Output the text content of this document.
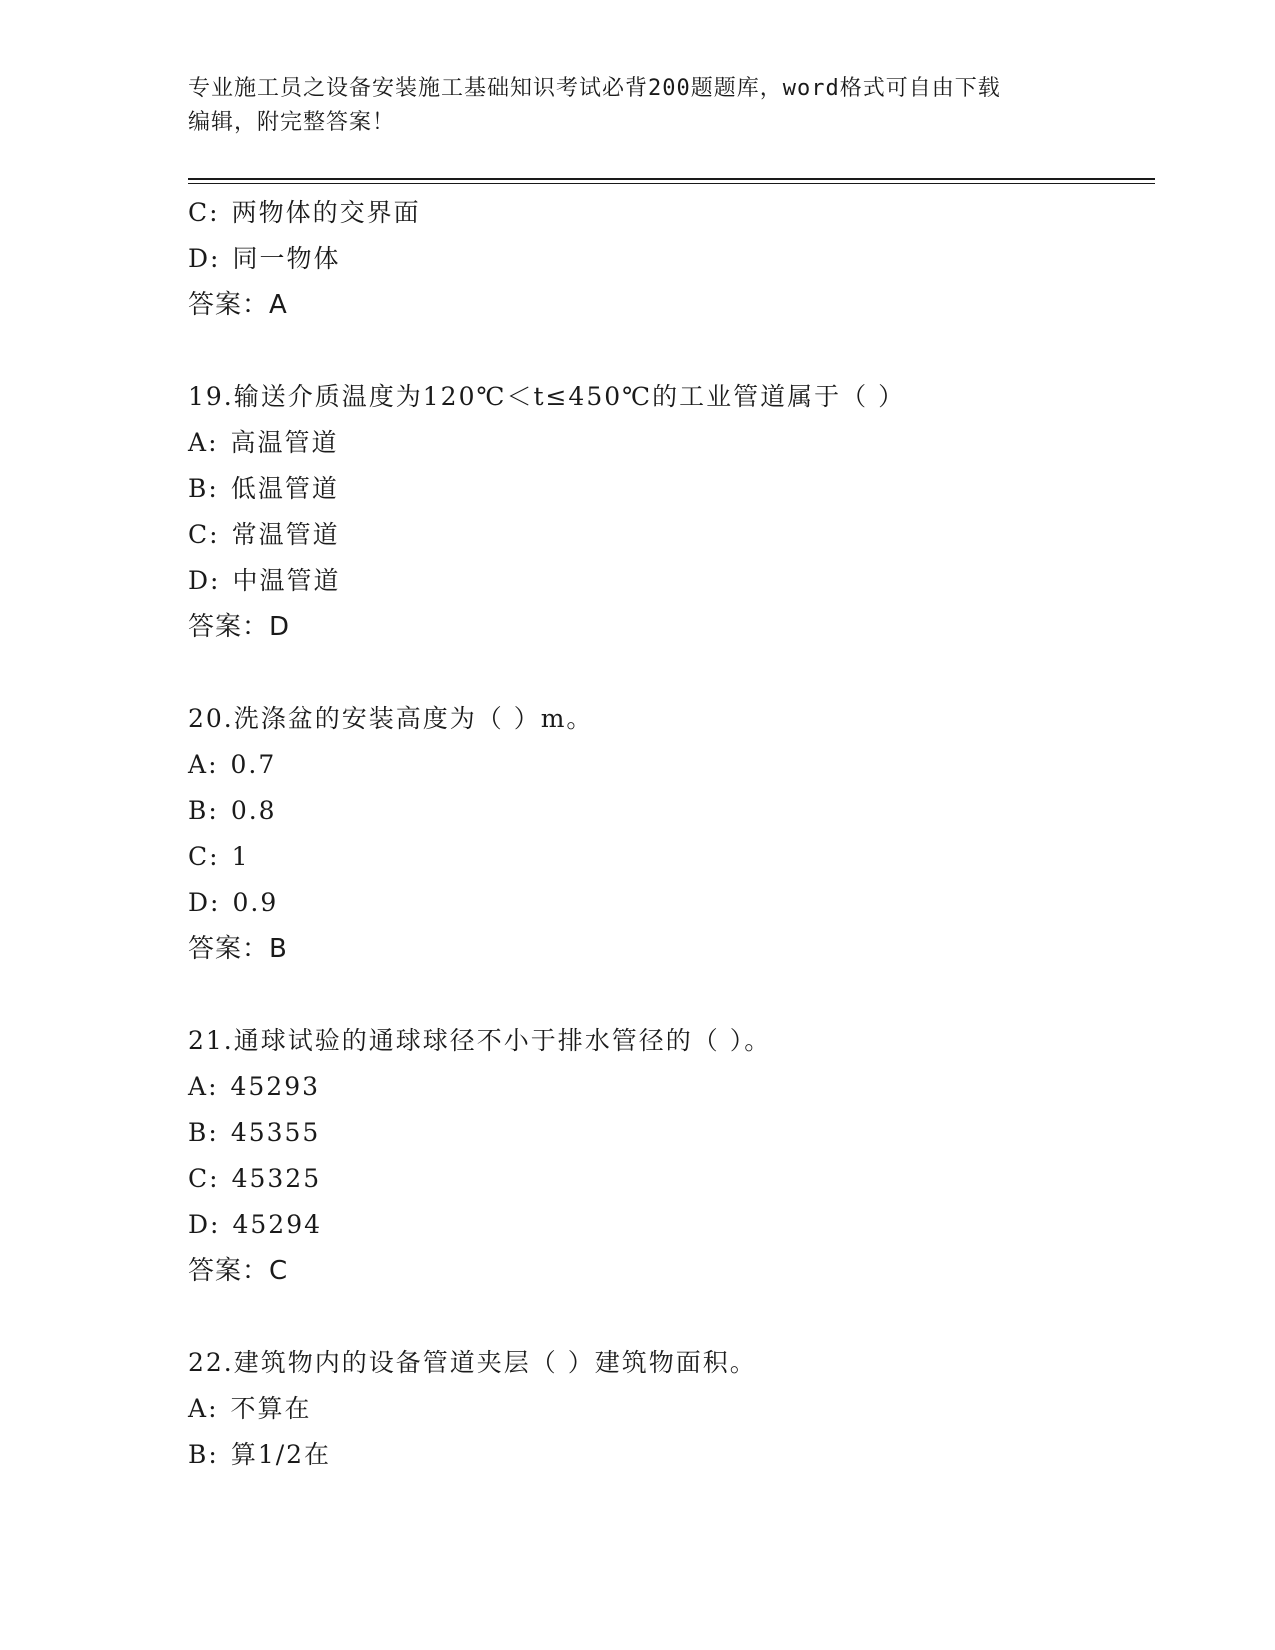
专业施工员之设备安装施工基础知识考试必背200题题库，word格式可自由下载
编辑，附完整答案！
C: 两物体的交界面
D: 同一物体
答案：A
19.输送介质温度为120℃＜t≤450℃的工业管道属于（ ）
A: 高温管道
B: 低温管道
C: 常温管道
D: 中温管道
答案：D
20.洗涤盆的安装高度为（ ）m。
A: 0.7
B: 0.8
C: 1
D: 0.9
答案：B
21.通球试验的通球球径不小于排水管径的（ ）。
A: 45293
B: 45355
C: 45325
D: 45294
答案：C
22.建筑物内的设备管道夹层（ ）建筑物面积。
A: 不算在
B: 算1/2在
